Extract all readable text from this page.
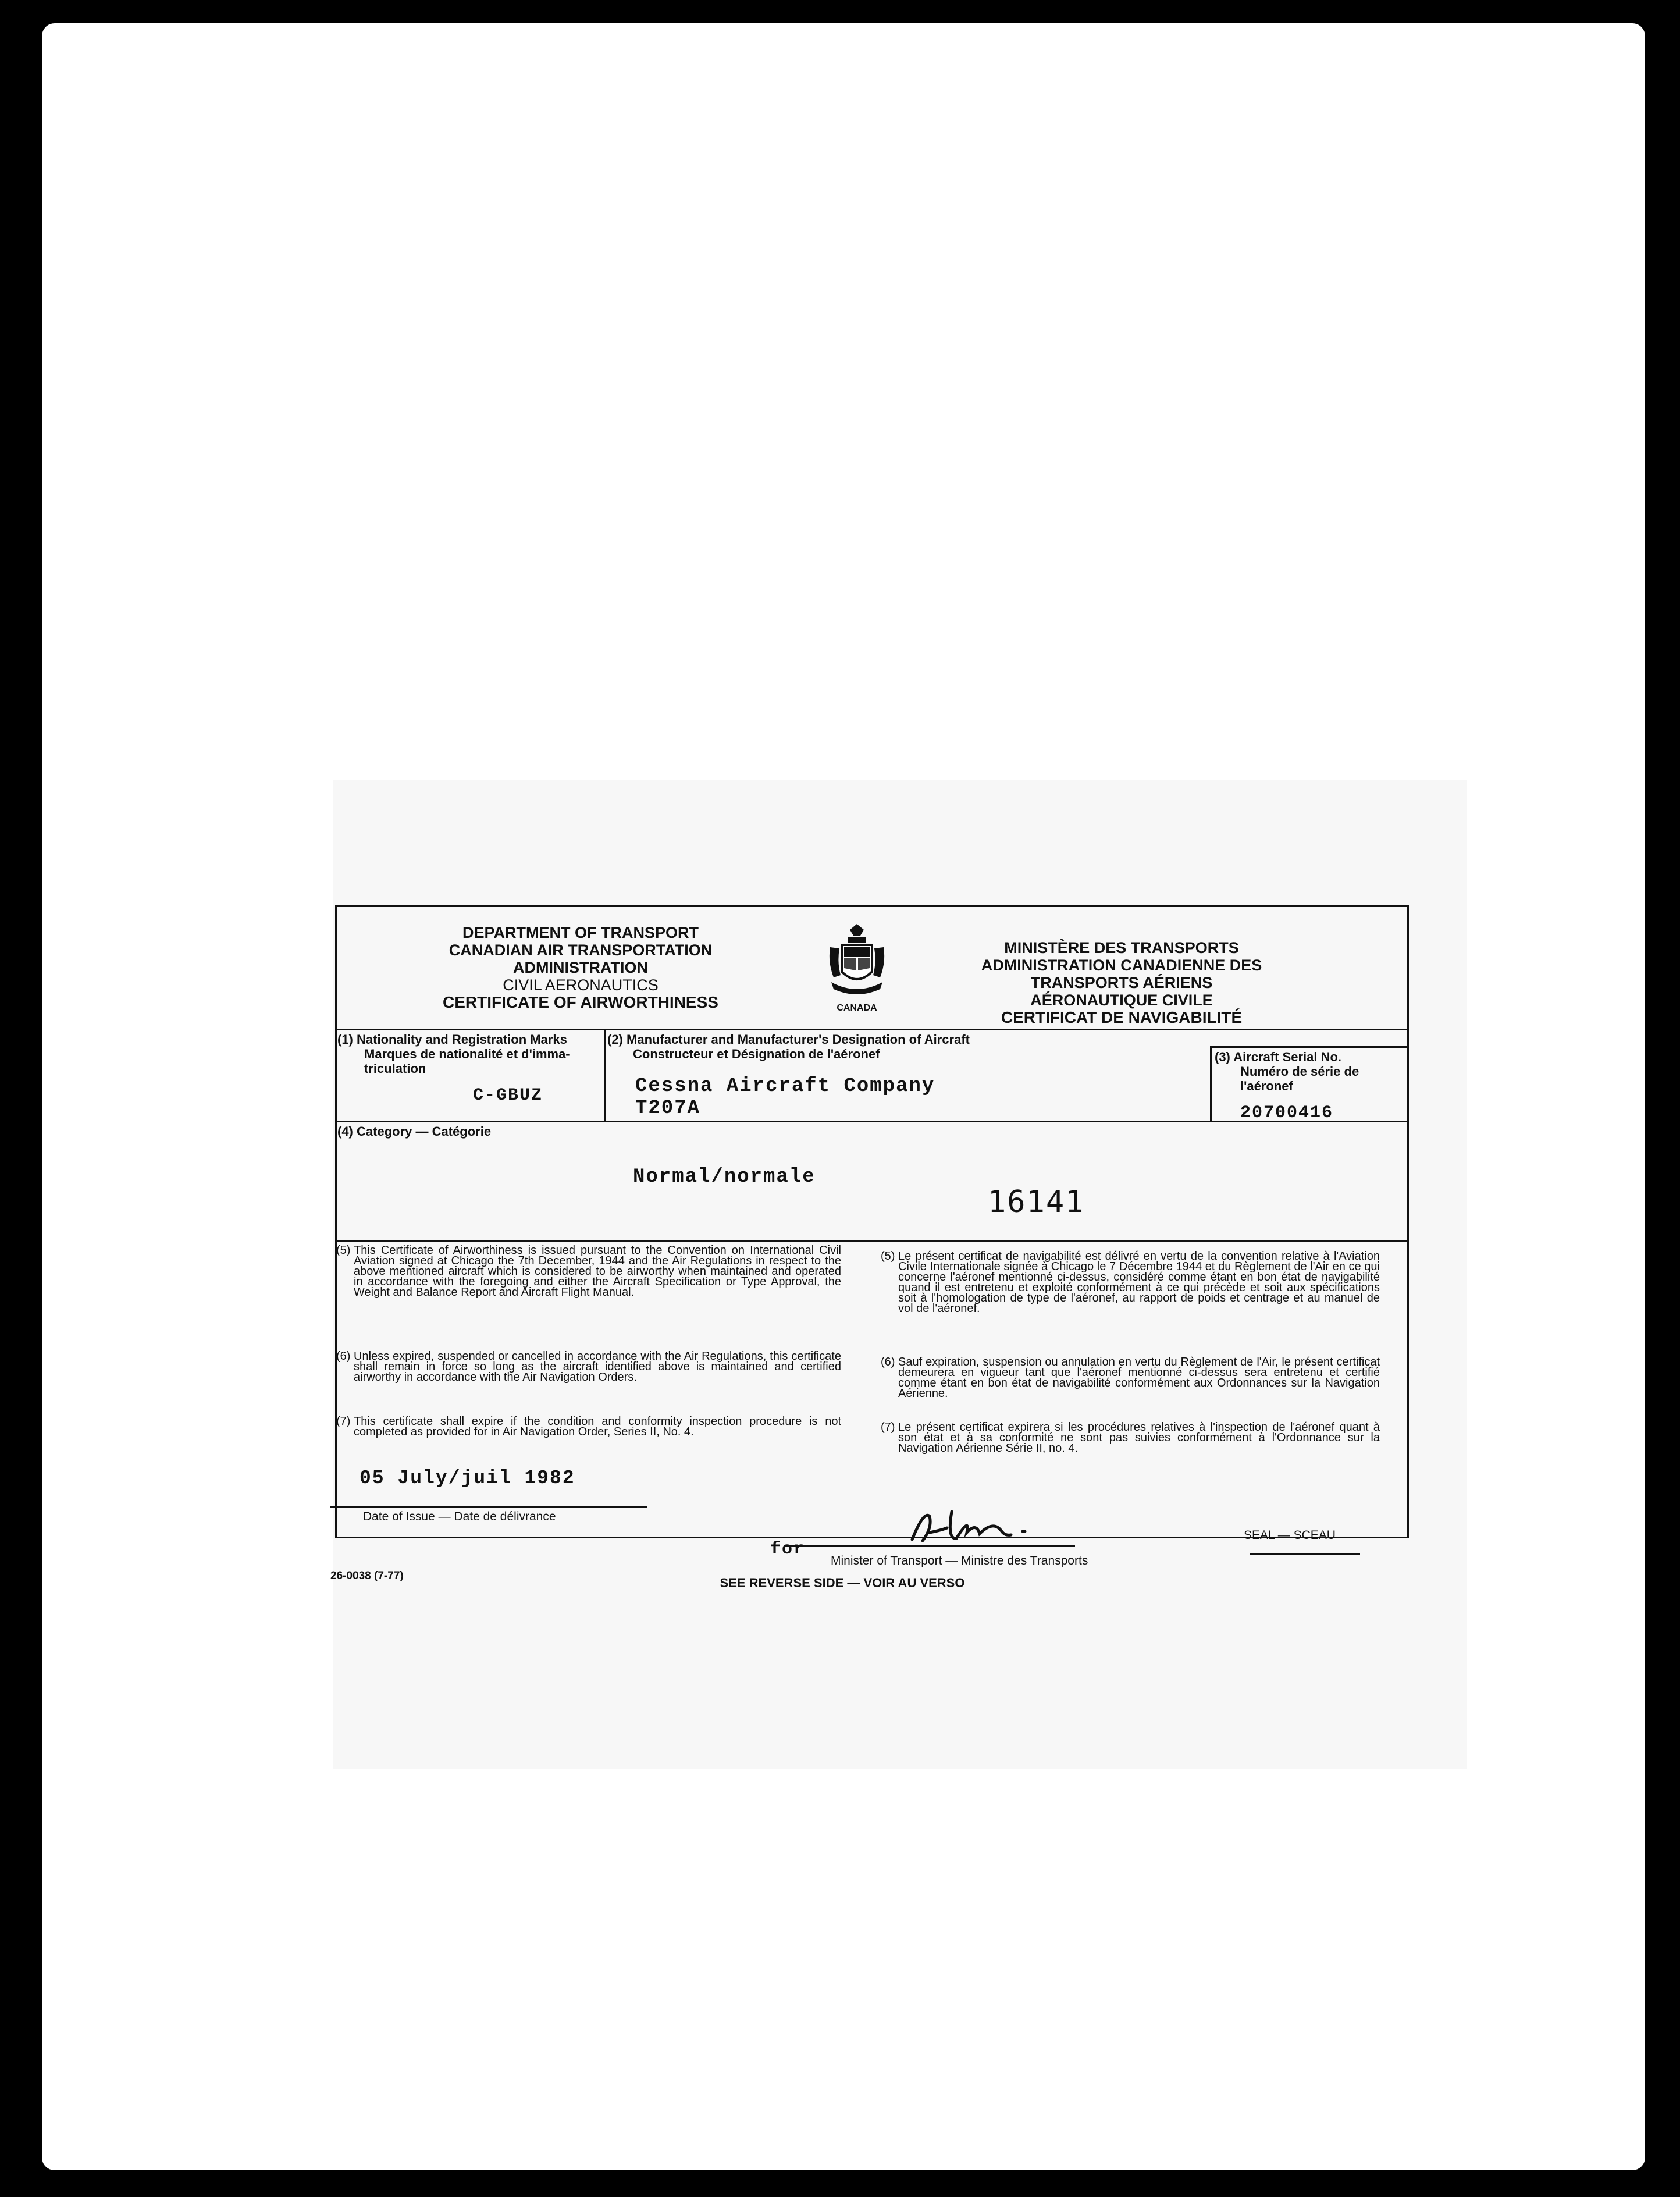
DEPARTMENT OF TRANSPORT
CANADIAN AIR TRANSPORTATION
ADMINISTRATION
CIVIL AERONAUTICS
CERTIFICATE OF AIRWORTHINESS	CANADA
MINISTÈRE DES TRANSPORTS
ADMINISTRATION CANADIENNE DES
TRANSPORTS AÉRIENS
AÉRONAUTIQUE CIVILE
CERTIFICAT DE NAVIGABILITÉ
(1) Nationality and Registration Marks
Marques de nationalité et d'imma-
triculation
C-GBUZ
(2) Manufacturer and Manufacturer's Designation of Aircraft
Constructeur et Désignation de l'aéronef
Cessna Aircraft Company
T207A
(3) Aircraft Serial No.
Numéro de série de
l'aéronef
20700416
(4) Category — Catégorie
Normal/normale
16141
(5) This Certificate of Airworthiness is issued pursuant to the Convention on International Civil Aviation signed at Chicago the 7th December, 1944 and the Air Regulations in respect to the above mentioned aircraft which is considered to be airworthy when maintained and operated in accordance with the foregoing and either the Aircraft Specification or Type Approval, the Weight and Balance Report and Aircraft Flight Manual.
(6) Unless expired, suspended or cancelled in accordance with the Air Regulations, this certificate shall remain in force so long as the aircraft identified above is maintained and certified airworthy in accordance with the Air Navigation Orders.
(7) This certificate shall expire if the condition and conformity inspection procedure is not completed as provided for in Air Navigation Order, Series II, No. 4.
(5) Le présent certificat de navigabilité est délivré en vertu de la convention relative à l'Aviation Civile Internationale signée à Chicago le 7 Décembre 1944 et du Règlement de l'Air en ce qui concerne l'aéronef mentionné ci-dessus, considéré comme étant en bon état de navigabilité quand il est entretenu et exploité conformément à ce qui précède et soit aux spécifications soit à l'homologation de type de l'aéronef, au rapport de poids et centrage et au manuel de vol de l'aéronef.
(6) Sauf expiration, suspension ou annulation en vertu du Règlement de l'Air, le présent certificat demeurera en vigueur tant que l'aéronef mentionné ci-dessus sera entretenu et certifié comme étant en bon état de navigabilité conformément aux Ordonnances sur la Navigation Aérienne.
(7) Le présent certificat expirera si les procédures relatives à l'inspection de l'aéronef quant à son état et à sa conformité ne sont pas suivies conformément à l'Ordonnance sur la Navigation Aérienne Série II, no. 4.
05 July/juil 1982
Date of Issue — Date de délivrance
for
Minister of Transport — Ministre des Transports
SEAL — SCEAU
26-0038 (7-77)	SEE REVERSE SIDE — VOIR AU VERSO
